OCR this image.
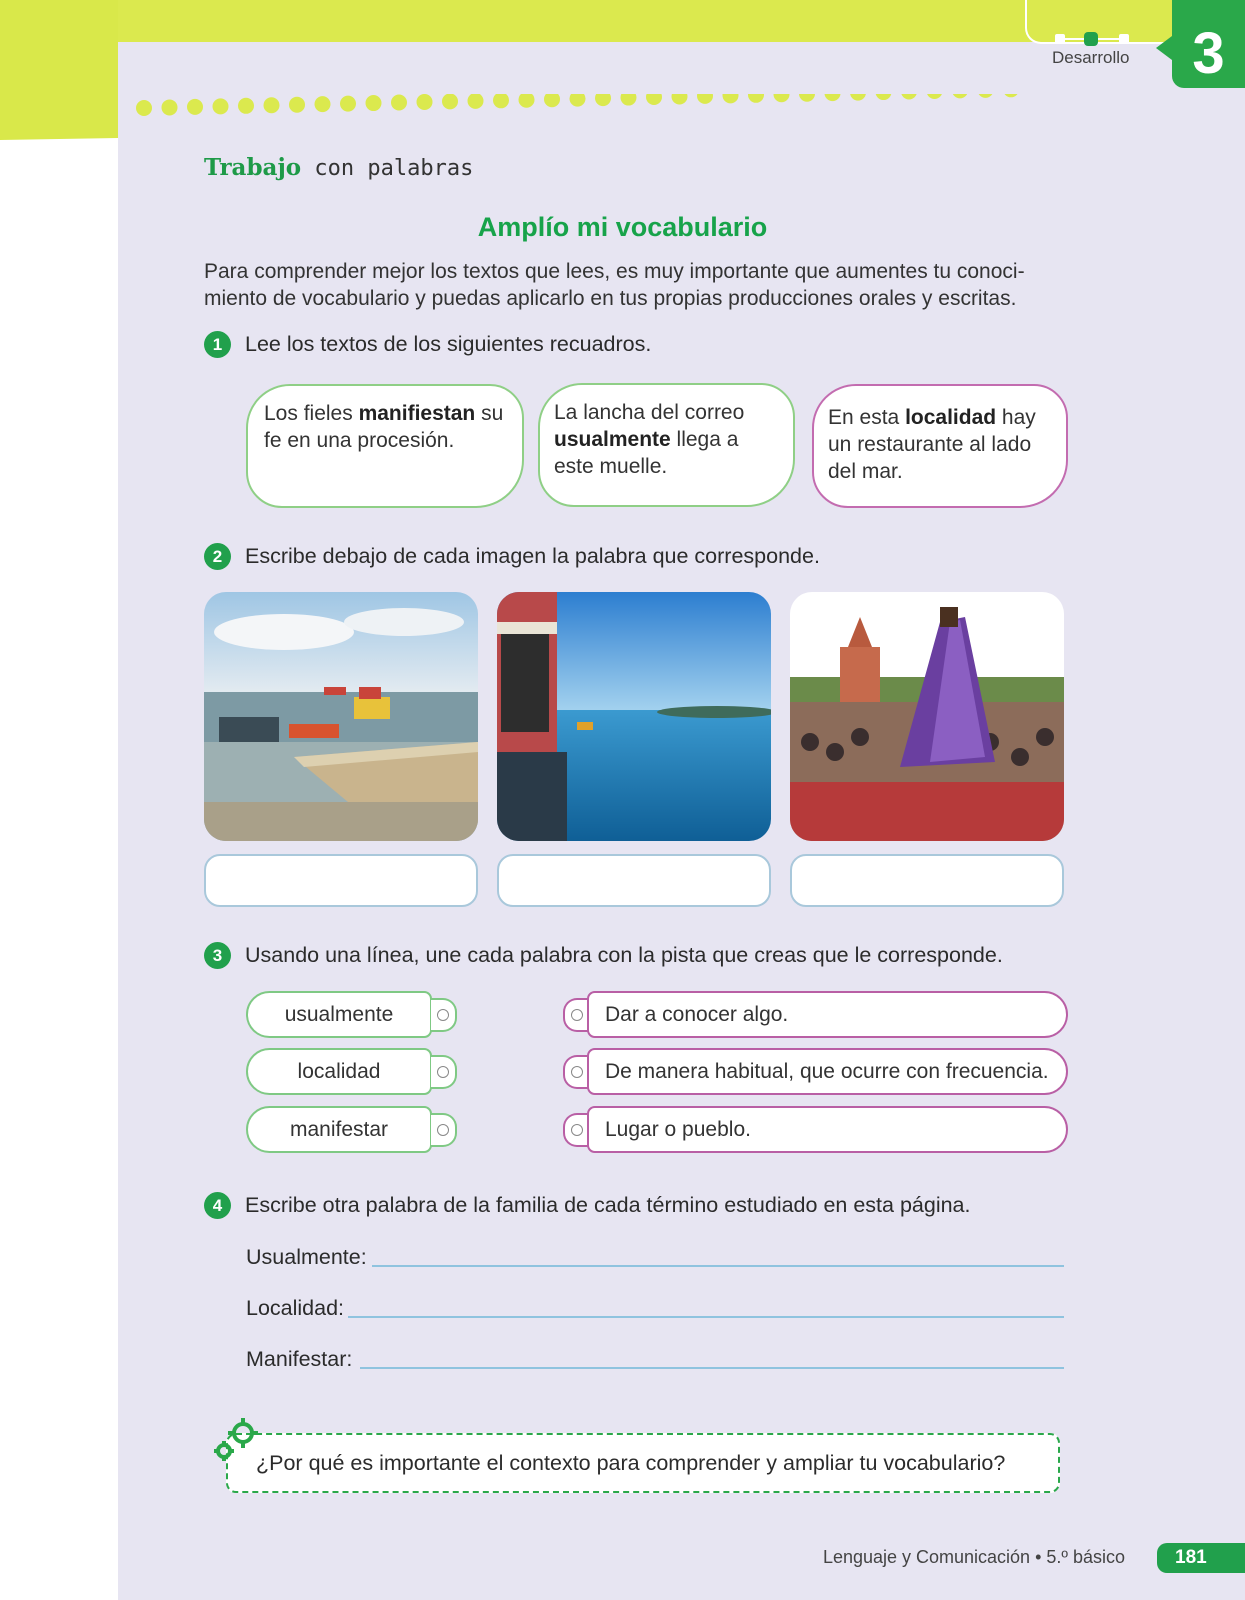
Desarrollo	3
Trabajo con palabras
Amplío mi vocabulario
Para comprender mejor los textos que lees, es muy importante que aumentes tu conoci-miento de vocabulario y puedas aplicarlo en tus propias producciones orales y escritas.
1 Lee los textos de los siguientes recuadros.
Los fieles manifiestan su fe en una procesión.
La lancha del correo usualmente llega a este muelle.
En esta localidad hay un restaurante al lado del mar.
2 Escribe debajo de cada imagen la palabra que corresponde.
3 Usando una línea, une cada palabra con la pista que creas que le corresponde.
usualmente
localidad
manifestar
Dar a conocer algo.
De manera habitual, que ocurre con frecuencia.
Lugar o pueblo.
4 Escribe otra palabra de la familia de cada término estudiado en esta página.
Usualmente:
Localidad:
Manifestar:
¿Por qué es importante el contexto para comprender y ampliar tu vocabulario?
Lenguaje y Comunicación • 5.º básico	181
